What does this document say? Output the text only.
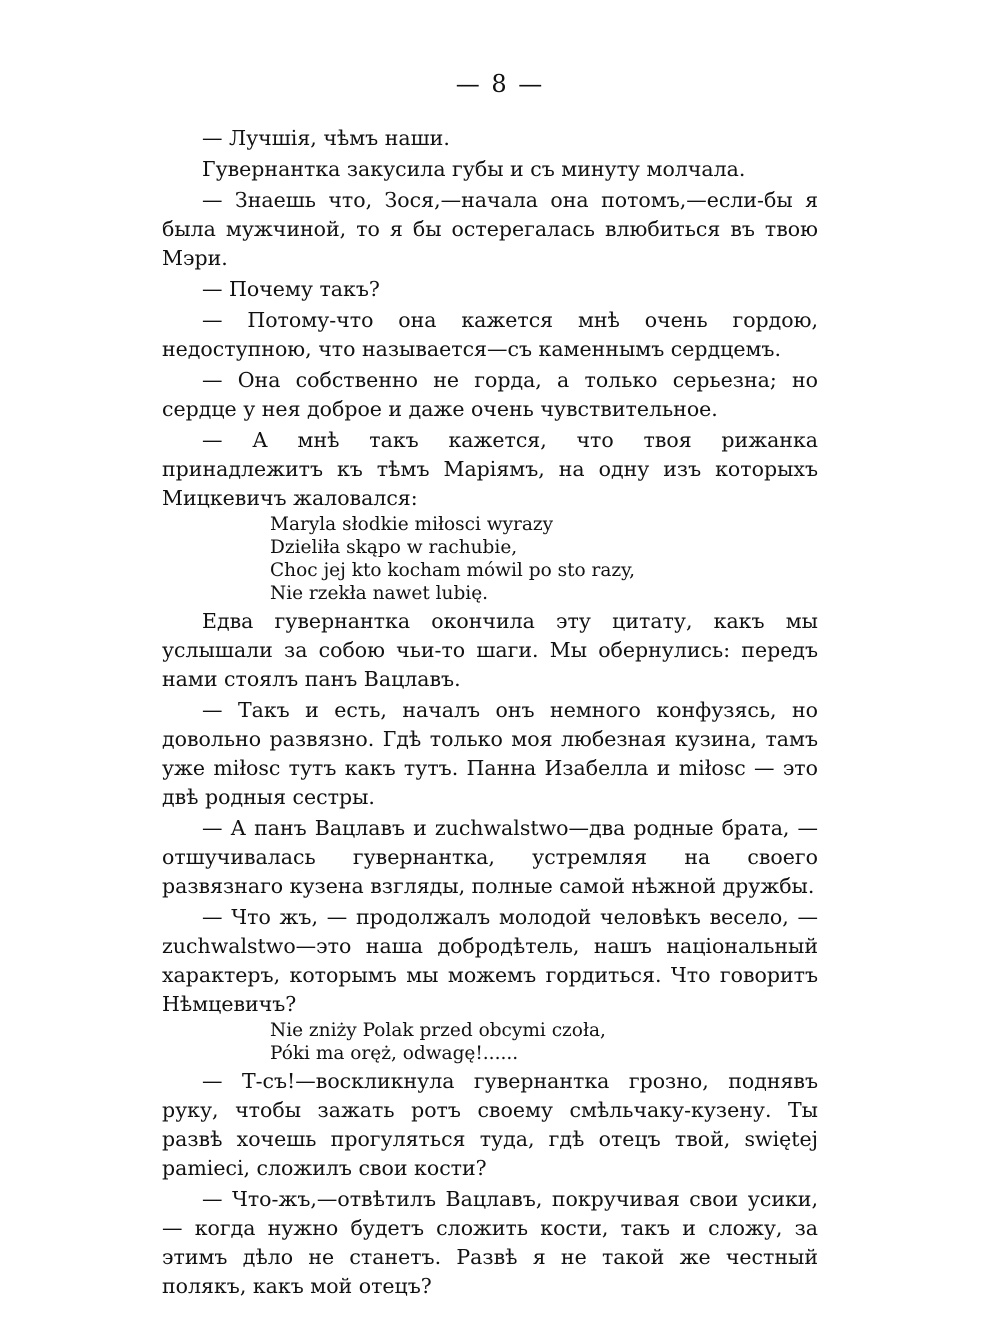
— 8 —

— Лучшія, чѣмъ наши.

Гувернантка закусила губы и съ минуту молчала.

— Знаешь что, Зося,—начала она потомъ,—если-бы я была мужчиной, то я бы остерегалась влюбиться въ твою Мэри.

— Почему такъ?

— Потому-что она кажется мнѣ очень гордою, недоступною, что называется—съ каменнымъ сердцемъ.

— Она собственно не горда, а только серьезна; но сердце у нея доброе и даже очень чувствительное.

— А мнѣ такъ кажется, что твоя рижанка принадлежитъ къ тѣмъ Маріямъ, на одну изъ которыхъ Мицкевичъ жаловался:

Maryla słodkie miłosci wyrazy
Dzieliła skąpo w rachubie,
Choc jej kto kocham mówil po sto razy,
Nie rzekła nawet lubię.

Едва гувернантка окончила эту цитату, какъ мы услышали за собою чьи-то шаги. Мы обернулись: передъ нами стоялъ панъ Вацлавъ.

— Такъ и есть, началъ онъ немного конфузясь, но довольно развязно. Гдѣ только моя любезная кузина, тамъ уже miłosc тутъ какъ тутъ. Панна Изабелла и miłosc — это двѣ родныя сестры.

— А панъ Вацлавъ и zuchwalstwo—два родные брата, — отшучивалась гувернантка, устремляя на своего развязнаго кузена взгляды, полные самой нѣжной дружбы.

— Что жъ, — продолжалъ молодой человѣкъ весело, — zuchwalstwo—это наша добродѣтель, нашъ національный характеръ, которымъ мы можемъ гордиться. Что говоритъ Нѣмцевичъ?

Nie zniży Polak przed obcymi czoła,
Póki ma oręż, odwagę!......

— Т-съ!—воскликнула гувернантка грозно, поднявъ руку, чтобы зажать ротъ своему смѣльчаку-кузену. Ты развѣ хочешь прогуляться туда, гдѣ отецъ твой, swiętej pamiеci, сложилъ свои кости?

— Что-жъ,—отвѣтилъ Вацлавъ, покручивая свои усики,— когда нужно будетъ сложить кости, такъ и сложу, за этимъ дѣло не станетъ. Развѣ я не такой же честный полякъ, какъ мой отецъ?
